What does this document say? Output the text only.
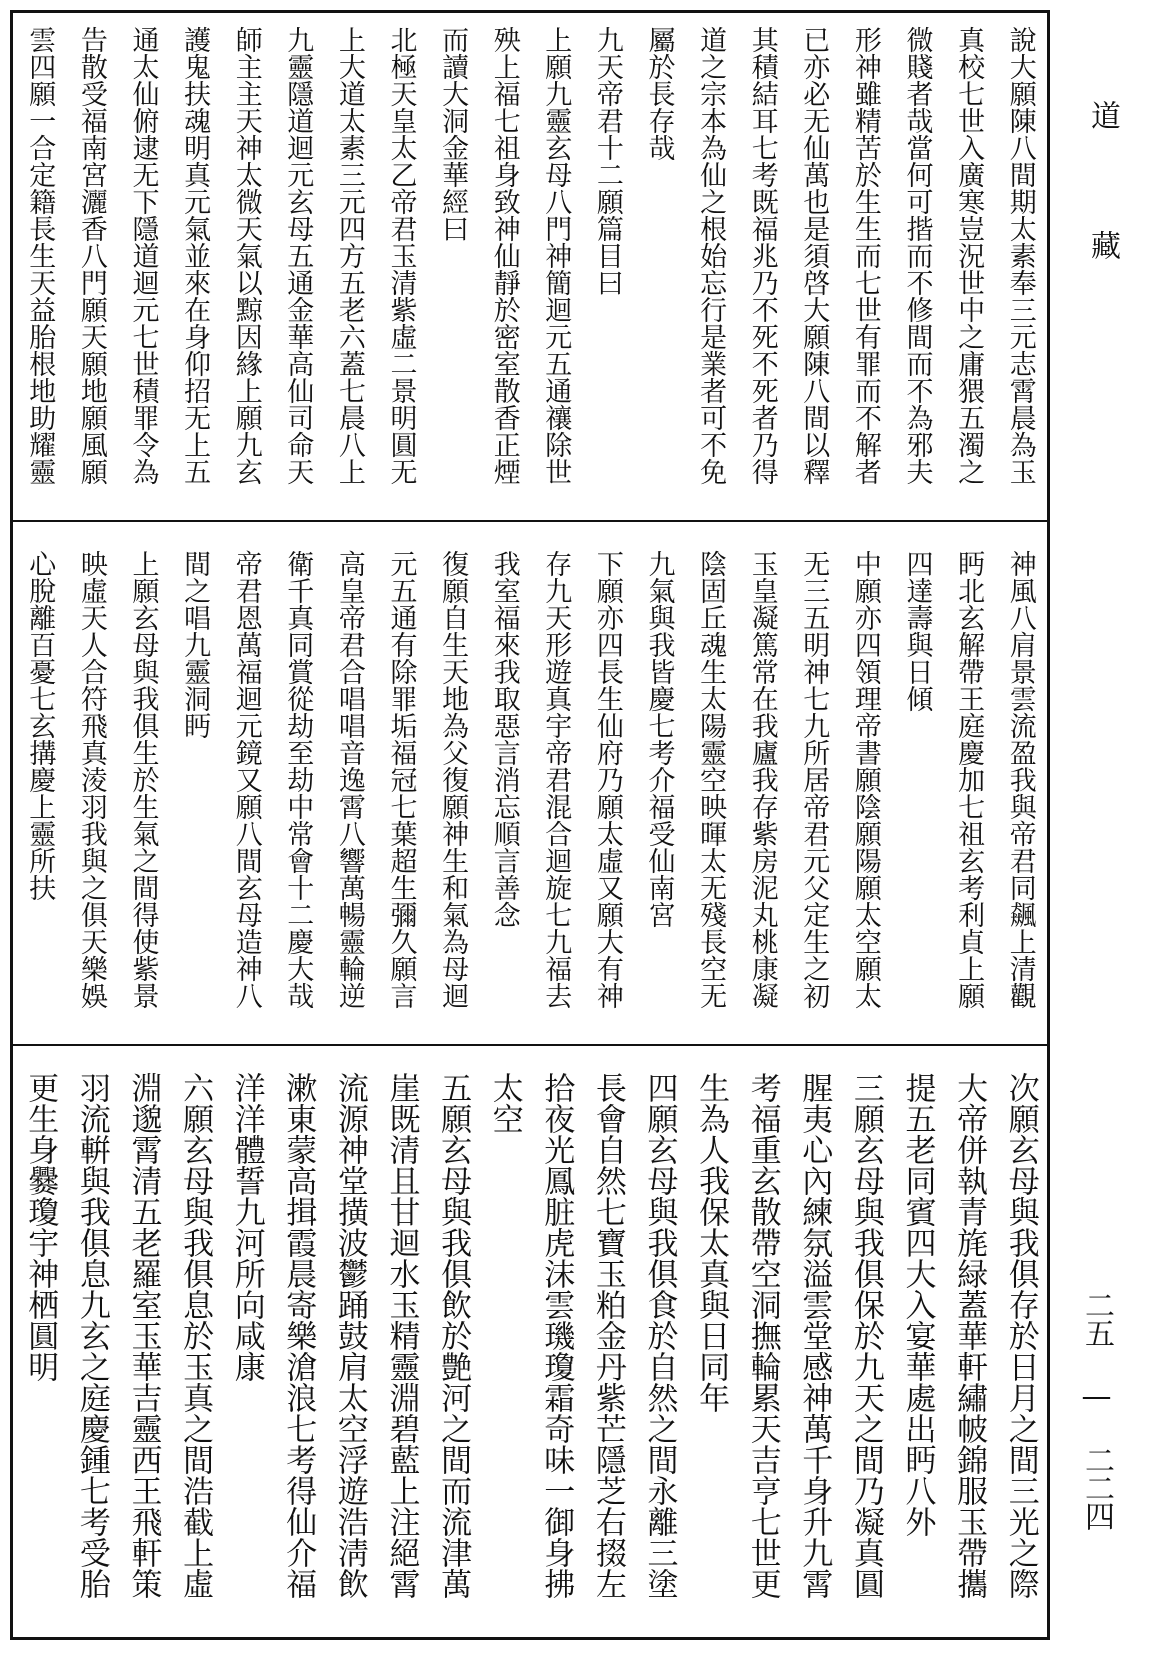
說大願陳八間期太素奉三元志霄晨為玉
真校七世入廣寒豈況世中之庸猥五濁之
微賤者哉當何可揩而不修間而不為邪夫
形神雖精苦於生生而七世有罪而不解者
已亦必无仙萬也是須啓大願陳八間以釋
其積結耳七考既福兆乃不死不死者乃得
道之宗本為仙之根始忘行是業者可不免
屬於長存哉
九天帝君十二願篇目曰
上願九靈玄母八門神簡迴元五通禳除世
殃上福七祖身致神仙靜於密室散香正煙
而讀大洞金華經曰
北極天皇太乙帝君玉清紫虛二景明圓无
上大道太素三元四方五老六蓋七晨八上
九靈隱道迴元玄母五通金華高仙司命天
師主主天神太微天氣以黥因緣上願九玄
護鬼扶魂明真元氣並來在身仰招无上五
通太仙俯逮无下隱道迴元七世積罪令為
告散受福南宮灑香八門願天願地願風願
雲四願一合定籍長生天益胎根地助耀靈
神風八肩景雲流盈我與帝君同飆上清觀
眄北玄解帶王庭慶加七祖玄考利貞上願
四達壽與日傾
中願亦四領理帝書願陰願陽願太空願太
无三五明神七九所居帝君元父定生之初
玉皇凝篤常在我廬我存紫房泥丸桃康凝
陰固丘魂生太陽靈空映暉太无殘長空无
九氣與我皆慶七考介福受仙南宮
下願亦四長生仙府乃願太虛又願大有神
存九天形遊真宇帝君混合迴旋七九福去
我室福來我取惡言消忘順言善念
復願自生天地為父復願神生和氣為母迴
元五通有除罪垢福冠七葉超生彌久願言
高皇帝君合唱唱音逸霄八響萬暢靈輪逆
衛千真同賞從劫至劫中常會十二慶大哉
帝君恩萬福迴元鏡又願八間玄母造神八
間之唱九靈洞眄
上願玄母與我俱生於生氣之間得使紫景
映虛天人合符飛真淩羽我與之俱天樂娛
心脫離百憂七玄搆慶上靈所扶
次願玄母與我俱存於日月之間三光之際
大帝併執青旄緑蓋華軒繡帔錦服玉帶攜
提五老同賓四大入宴華處出眄八外
三願玄母與我俱保於九天之間乃凝真圓
腥夷心內練氛溢雲堂感神萬千身升九霄
考福重玄散帶空洞撫輪累天吉亨七世更
生為人我保太真與日同年
四願玄母與我俱食於自然之間永離三塗
長會自然七寶玉粕金丹紫芒隱芝右掇左
拾夜光鳳脏虎沫雲璣瓊霜奇味一御身拂
太空
五願玄母與我俱飲於艶河之間而流津萬
崖既清且甘迴水玉精靈淵碧藍上注絕霄
流源神堂撗波鬱踊鼓肩太空浮遊浩淸飲
漱東蒙高揖霞晨寄樂滄浪七考得仙介福
洋洋體誓九河所向咸康
六願玄母與我俱息於玉真之間浩截上虛
淵邈霄清五老羅室玉華吉靈西王飛軒策
羽流輧與我俱息九玄之庭慶鍾七考受胎
更生身爨瓊宇神栖圓明
道
藏
二五 — 二二四
